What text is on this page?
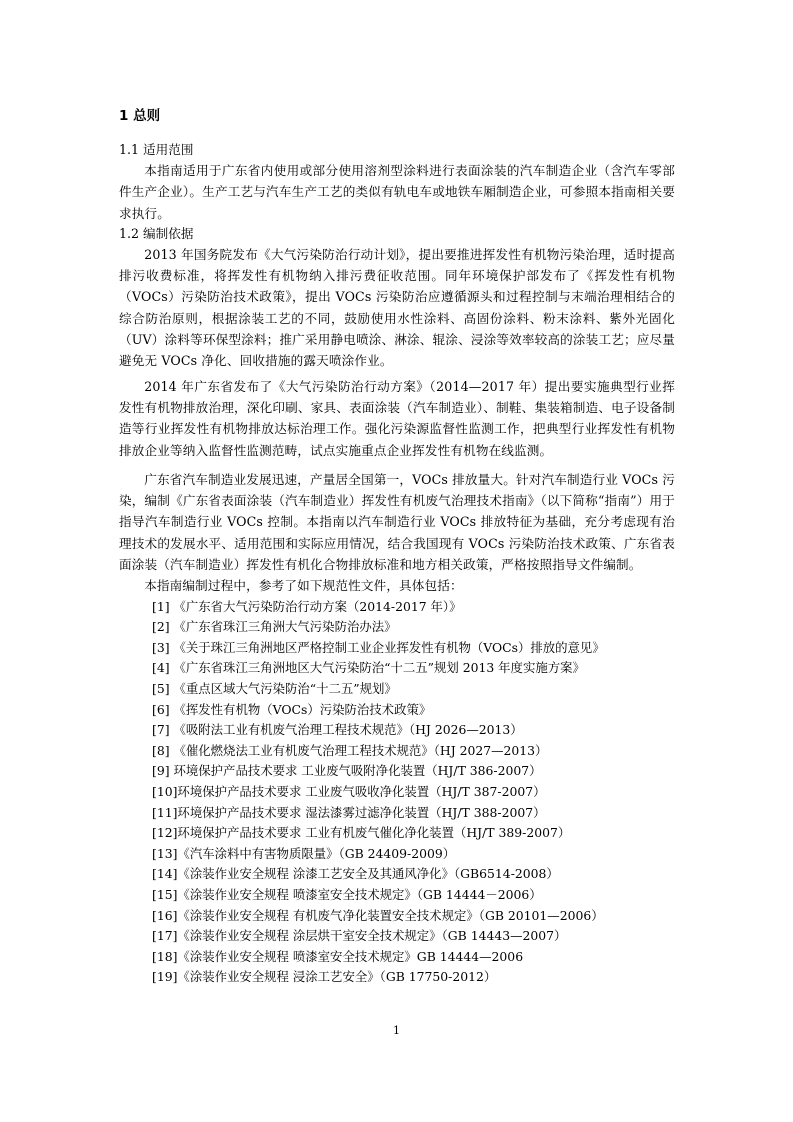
1 总则
1.1 适用范围

本指南适用于广东省内使用或部分使用溶剂型涂料进行表面涂装的汽车制造企业（含汽车零部件生产企业）。生产工艺与汽车生产工艺的类似有轨电车或地铁车厢制造企业，可参照本指南相关要求执行。

1.2 编制依据

2013 年国务院发布《大气污染防治行动计划》，提出要推进挥发性有机物污染治理，适时提高排污收费标准，将挥发性有机物纳入排污费征收范围。同年环境保护部发布了《挥发性有机物（VOCs）污染防治技术政策》，提出 VOCs 污染防治应遵循源头和过程控制与末端治理相结合的综合防治原则，根据涂装工艺的不同，鼓励使用水性涂料、高固份涂料、粉末涂料、紫外光固化（UV）涂料等环保型涂料；推广采用静电喷涂、淋涂、辊涂、浸涂等效率较高的涂装工艺；应尽量避免无 VOCs 净化、回收措施的露天喷涂作业。

2014 年广东省发布了《大气污染防治行动方案》（2014—2017 年）提出要实施典型行业挥发性有机物排放治理，深化印刷、家具、表面涂装（汽车制造业）、制鞋、集装箱制造、电子设备制造等行业挥发性有机物排放达标治理工作。强化污染源监督性监测工作，把典型行业挥发性有机物排放企业等纳入监督性监测范畴，试点实施重点企业挥发性有机物在线监测。

广东省汽车制造业发展迅速，产量居全国第一，VOCs 排放量大。针对汽车制造行业 VOCs 污染，编制《广东省表面涂装（汽车制造业）挥发性有机废气治理技术指南》（以下简称“指南”）用于指导汽车制造行业 VOCs 控制。本指南以汽车制造行业 VOCs 排放特征为基础，充分考虑现有治理技术的发展水平、适用范围和实际应用情况，结合我国现有 VOCs 污染防治技术政策、广东省表面涂装（汽车制造业）挥发性有机化合物排放标准和地方相关政策，严格按照指导文件编制。

本指南编制过程中，参考了如下规范性文件，具体包括：

[1] 《广东省大气污染防治行动方案（2014-2017 年）》
[2] 《广东省珠江三角洲大气污染防治办法》
[3] 《关于珠江三角洲地区严格控制工业企业挥发性有机物（VOCs）排放的意见》
[4] 《广东省珠江三角洲地区大气污染防治“十二五”规划 2013 年度实施方案》
[5] 《重点区域大气污染防治“十二五”规划》
[6] 《挥发性有机物（VOCs）污染防治技术政策》
[7] 《吸附法工业有机废气治理工程技术规范》（HJ 2026—2013）
[8] 《催化燃烧法工业有机废气治理工程技术规范》（HJ 2027—2013）
[9] 环境保护产品技术要求 工业废气吸附净化装置（HJ/T 386-2007）
[10]环境保护产品技术要求 工业废气吸收净化装置（HJ/T 387-2007）
[11]环境保护产品技术要求 湿法漆雾过滤净化装置（HJ/T 388-2007）
[12]环境保护产品技术要求 工业有机废气催化净化装置（HJ/T 389-2007）
[13]《汽车涂料中有害物质限量》（GB 24409-2009）
[14]《涂装作业安全规程 涂漆工艺安全及其通风净化》（GB6514-2008）
[15]《涂装作业安全规程 喷漆室安全技术规定》（GB 14444－2006）
[16]《涂装作业安全规程 有机废气净化装置安全技术规定》（GB 20101—2006）
[17]《涂装作业安全规程 涂层烘干室安全技术规定》（GB 14443—2007）
[18]《涂装作业安全规程 喷漆室安全技术规定》GB 14444—2006
[19]《涂装作业安全规程 浸涂工艺安全》（GB 17750-2012）
1
